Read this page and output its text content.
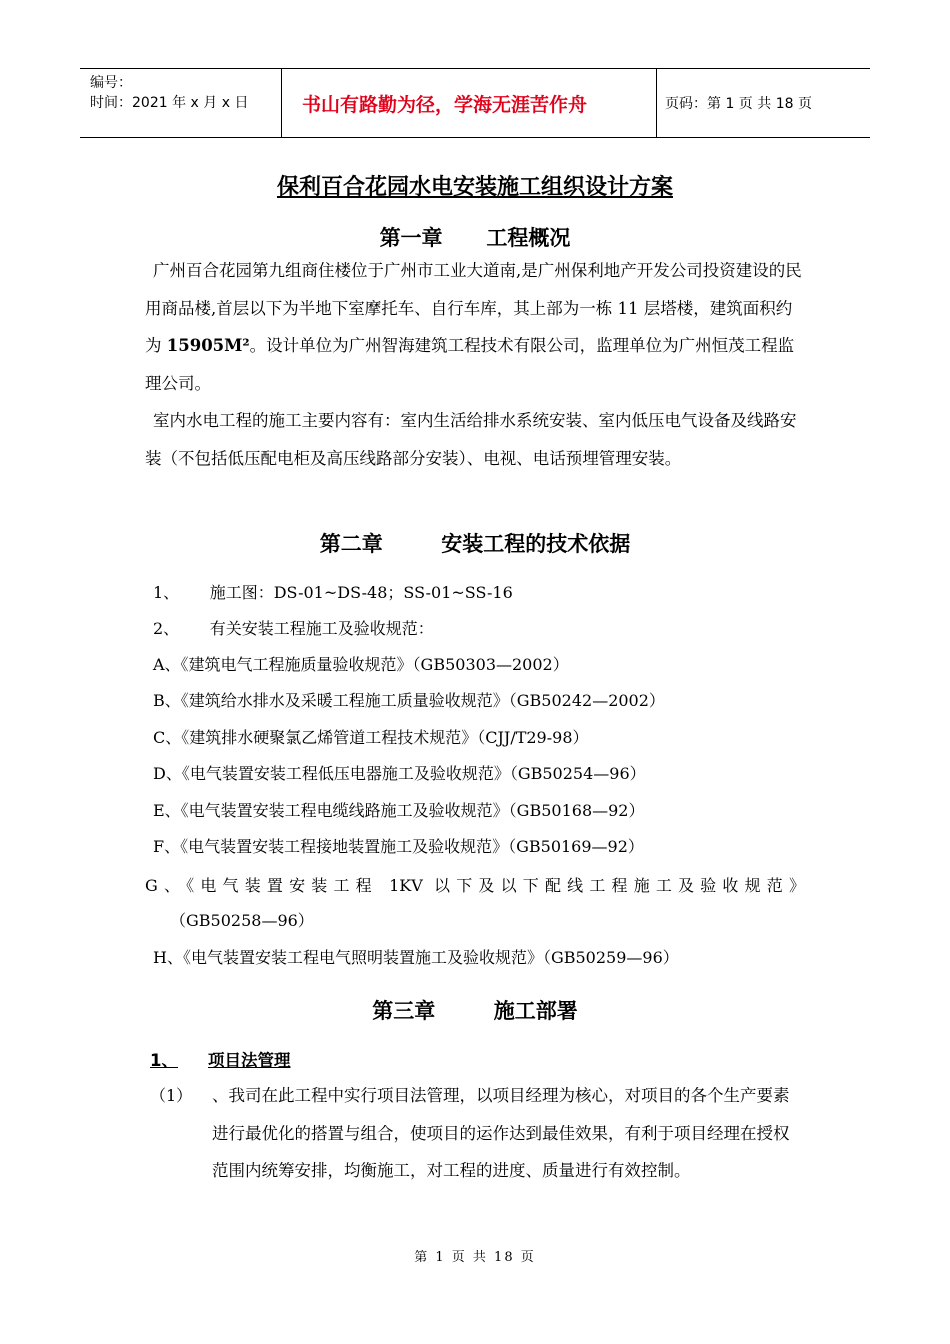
编号：
时间：2021 年 x 月 x 日	书山有路勤为径，学海无涯苦作舟	页码：第 1 页 共 18 页
保利百合花园水电安装施工组织设计方案
第一章      工程概况
广州百合花园第九组商住楼位于广州市工业大道南,是广州保利地产开发公司投资建设的民用商品楼,首层以下为半地下室摩托车、自行车库，其上部为一栋 11 层塔楼，建筑面积约为 15905M²。设计单位为广州智海建筑工程技术有限公司，监理单位为广州恒茂工程监理公司。
室内水电工程的施工主要内容有：室内生活给排水系统安装、室内低压电气设备及线路安装（不包括低压配电柜及高压线路部分安装）、电视、电话预埋管理安装。
第二章        安装工程的技术依据
1、      施工图：DS-01~DS-48；SS-01~SS-16
2、      有关安装工程施工及验收规范：
A、《建筑电气工程施质量验收规范》（GB50303—2002）
B、《建筑给水排水及采暖工程施工质量验收规范》（GB50242—2002）
C、《建筑排水硬聚氯乙烯管道工程技术规范》（CJJ/T29-98）
D、《电气装置安装工程低压电器施工及验收规范》（GB50254—96）
E、《电气装置安装工程电缆线路施工及验收规范》（GB50168—92）
F、《电气装置安装工程接地装置施工及验收规范》（GB50169—92）
G、《电气装置安装工程 1KV 以下及以下配线工程施工及验收规范》
（GB50258—96）
H、《电气装置安装工程电气照明装置施工及验收规范》（GB50259—96）
第三章        施工部署
1、 项目法管理
（1） 、我司在此工程中实行项目法管理，以项目经理为核心，对项目的各个生产要素进行最优化的搭置与组合，使项目的运作达到最佳效果，有利于项目经理在授权范围内统筹安排，均衡施工，对工程的进度、质量进行有效控制。
第 1 页 共 18 页
